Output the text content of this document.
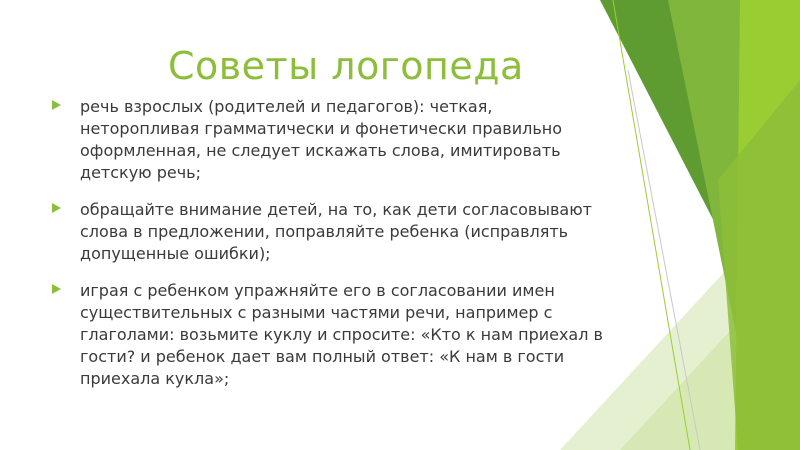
Советы логопеда
речь взрослых (родителей и педагогов): четкая, неторопливая грамматически и фонетически правильно оформленная, не следует искажать слова, имитировать детскую речь;
обращайте внимание детей, на то, как дети согласовывают слова в предложении, поправляйте ребенка (исправлять допущенные ошибки);
играя с ребенком упражняйте его в согласовании имен существительных с разными частями речи, например с глаголами: возьмите куклу и спросите: «Кто к нам приехал в гости? и ребенок дает вам полный ответ: «К нам в гости приехала кукла»;
